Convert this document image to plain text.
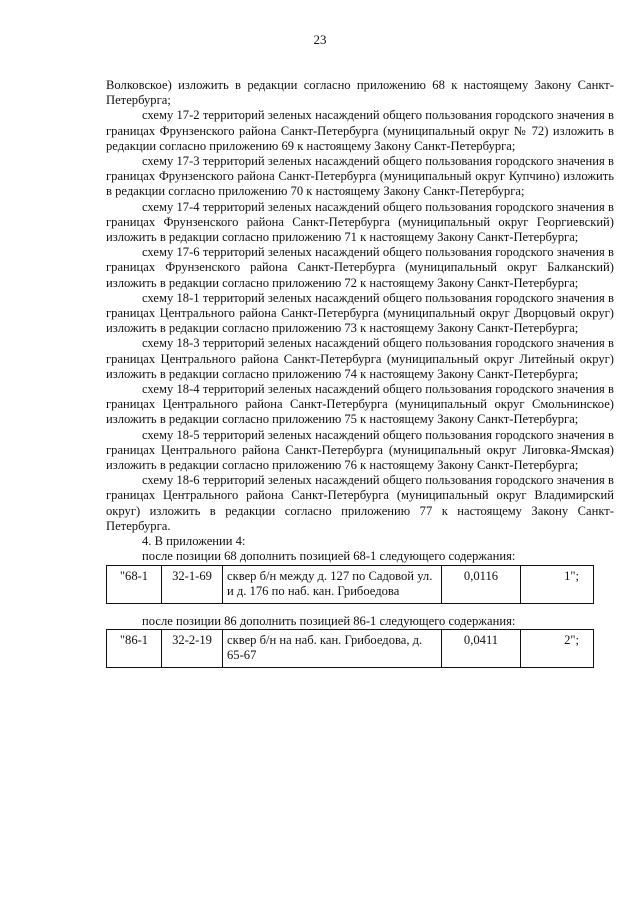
23

Волковское) изложить в редакции согласно приложению 68 к настоящему Закону Санкт-Петербурга;

схему 17-2 территорий зеленых насаждений общего пользования городского значения в границах Фрунзенского района Санкт-Петербурга (муниципальный округ № 72) изложить в редакции согласно приложению 69 к настоящему Закону Санкт-Петербурга;

схему 17-3 территорий зеленых насаждений общего пользования городского значения в границах Фрунзенского района Санкт-Петербурга (муниципальный округ Купчино) изложить в редакции согласно приложению 70 к настоящему Закону Санкт-Петербурга;

схему 17-4 территорий зеленых насаждений общего пользования городского значения в границах Фрунзенского района Санкт-Петербурга (муниципальный округ Георгиевский) изложить в редакции согласно приложению 71 к настоящему Закону Санкт-Петербурга;

схему 17-6 территорий зеленых насаждений общего пользования городского значения в границах Фрунзенского района Санкт-Петербурга (муниципальный округ Балканский) изложить в редакции согласно приложению 72 к настоящему Закону Санкт-Петербурга;

схему 18-1 территорий зеленых насаждений общего пользования городского значения в границах Центрального района Санкт-Петербурга (муниципальный округ Дворцовый округ) изложить в редакции согласно приложению 73 к настоящему Закону Санкт-Петербурга;

схему 18-3 территорий зеленых насаждений общего пользования городского значения в границах Центрального района Санкт-Петербурга (муниципальный округ Литейный округ) изложить в редакции согласно приложению 74 к настоящему Закону Санкт-Петербурга;

схему 18-4 территорий зеленых насаждений общего пользования городского значения в границах Центрального района Санкт-Петербурга (муниципальный округ Смольнинское) изложить в редакции согласно приложению 75 к настоящему Закону Санкт-Петербурга;

схему 18-5 территорий зеленых насаждений общего пользования городского значения в границах Центрального района Санкт-Петербурга (муниципальный округ Лиговка-Ямская) изложить в редакции согласно приложению 76 к настоящему Закону Санкт-Петербурга;

схему 18-6 территорий зеленых насаждений общего пользования городского значения в границах Центрального района Санкт-Петербурга (муниципальный округ Владимирский округ) изложить в редакции согласно приложению 77 к настоящему Закону Санкт-Петербурга.

4. В приложении 4:

после позиции 68 дополнить позицией 68-1 следующего содержания:

"68-1	32-1-69	сквер б/н между д. 127 по Садовой ул. и д. 176 по наб. кан. Грибоедова	0,0116	1";

после позиции 86 дополнить позицией 86-1 следующего содержания:

"86-1	32-2-19	сквер б/н на наб. кан. Грибоедова, д. 65-67	0,0411	2";
